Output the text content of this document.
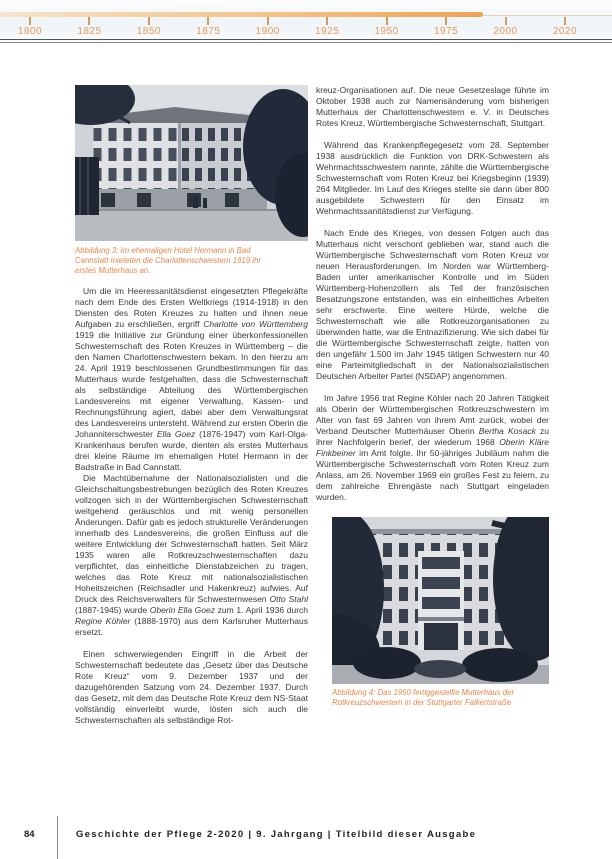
1800	1825	1850	1875	1900	1925	1950	1975	2000	2020

Abbildung 3: Im ehemaligen Hotel Hermann in Bad Cannstatt mieteten die Charlottenschwestern 1919 ihr erstes Mutterhaus an.

Um die im Heeressanitätsdienst eingesetzten Pflegekräfte nach dem Ende des Ersten Weltkriegs (1914-1918) in den Diensten des Roten Kreuzes zu halten und ihnen neue Aufgaben zu erschließen, ergriff Charlotte von Württemberg 1919 die Initiative zur Gründung einer überkonfessionellen Schwesternschaft des Roten Kreuzes in Württemberg – die den Namen Charlottenschwestern bekam. In den hierzu am 24. April 1919 beschlossenen Grundbestimmungen für das Mutterhaus wurde festgehalten, dass die Schwesternschaft als selbständige Abteilung des Württembergischen Landesvereins mit eigener Verwaltung, Kassen- und Rechnungsführung agiert, dabei aber dem Verwaltungsrat des Landesvereins untersteht. Während zur ersten Oberin die Johanniterschwester Ella Goez (1876-1947) vom Karl-Olga-Krankenhaus berufen wurde, dienten als erstes Mutterhaus drei kleine Räume im ehemaligen Hotel Hermann in der Badstraße in Bad Cannstatt.

Die Machtübernahme der Nationalsozialisten und die Gleichschaltungsbestrebungen bezüglich des Roten Kreuzes vollzogen sich in der Württembergischen Schwesternschaft weitgehend geräuschlos und mit wenig personellen Änderungen. Dafür gab es jedoch strukturelle Veränderungen innerhalb des Landesvereins, die großen Einfluss auf die weitere Entwicklung der Schwesternschaft hatten. Seit März 1935 waren alle Rotkreuzschwesternschaften dazu verpflichtet, das einheitliche Dienstabzeichen zu tragen, welches das Rote Kreuz mit nationalsozialistischen Hoheitszeichen (Reichsadler und Hakenkreuz) aufwies. Auf Druck des Reichsverwalters für Schwesternwesen Otto Stahl (1887-1945) wurde Oberin Ella Goez zum 1. April 1936 durch Regine Köhler (1888-1970) aus dem Karlsruher Mutterhaus ersetzt.

Einen schwerwiegenden Eingriff in die Arbeit der Schwesternschaft bedeutete das „Gesetz über das Deutsche Rote Kreuz“ vom 9. Dezember 1937 und der dazugehörenden Satzung vom 24. Dezember 1937. Durch das Gesetz, mit dem das Deutsche Rote Kreuz dem NS-Staat vollständig einverleibt wurde, lösten sich auch die Schwesternschaften als selbständige Rot-

kreuz-Organisationen auf. Die neue Gesetzeslage führte im Oktober 1938 auch zur Namensänderung vom bisherigen Mutterhaus der Charlottenschwestern e. V. in Deutsches Rotes Kreuz, Württembergische Schwesternschaft, Stuttgart.

Während das Krankenpflegegesetz vom 28. September 1938 ausdrücklich die Funktion von DRK-Schwestern als Wehrmachtsschwestern nannte, zählte die Württembergische Schwesternschaft vom Roten Kreuz bei Kriegsbeginn (1939) 264 Mitglieder. Im Lauf des Krieges stellte sie dann über 800 ausgebildete Schwestern für den Einsatz im Wehrmachtssanitätsdienst zur Verfügung.

Nach Ende des Krieges, von dessen Folgen auch das Mutterhaus nicht verschont geblieben war, stand auch die Württembergische Schwesternschaft vom Roten Kreuz vor neuen Herausforderungen. Im Norden war Württemberg-Baden unter amerikanischer Kontrolle und im Süden Württemberg-Hohenzollern als Teil der französischen Besatzungszone entstanden, was ein einheitliches Arbeiten sehr erschwerte. Eine weitere Hürde, welche die Schwesternschaft wie alle Rotkreuzorganisationen zu überwinden hatte, war die Entnazifizierung. Wie sich dabei für die Württembergische Schwesternschaft zeigte, hatten von den ungefähr 1.500 im Jahr 1945 tätigen Schwestern nur 40 eine Parteimitgliedschaft in der Nationalsozialistischen Deutschen Arbeiter Partei (NSDAP) angenommen.

Im Jahre 1956 trat Regine Köhler nach 20 Jahren Tätigkeit als Oberin der Württembergischen Rotkreuzschwestern im Alter von fast 69 Jahren von ihrem Amt zurück, wobei der Verband Deutscher Mutterhäuser Oberin Bertha Kosack zu ihrer Nachfolgerin berief, der wiederum 1968 Oberin Kläre Finkbeiner im Amt folgte. Ihr 50-jähriges Jubiläum nahm die Württembergische Schwesternschaft vom Roten Kreuz zum Anlass, am 26. November 1969 ein großes Fest zu feiern, zu dem zahlreiche Ehrengäste nach Stuttgart eingeladen wurden.

Abbildung 4: Das 1950 fertiggestellte Mutterhaus der Rotkreuzschwestern in der Stuttgarter Falkertstraße

84	Geschichte der Pflege 2-2020 | 9. Jahrgang | Titelbild dieser Ausgabe
